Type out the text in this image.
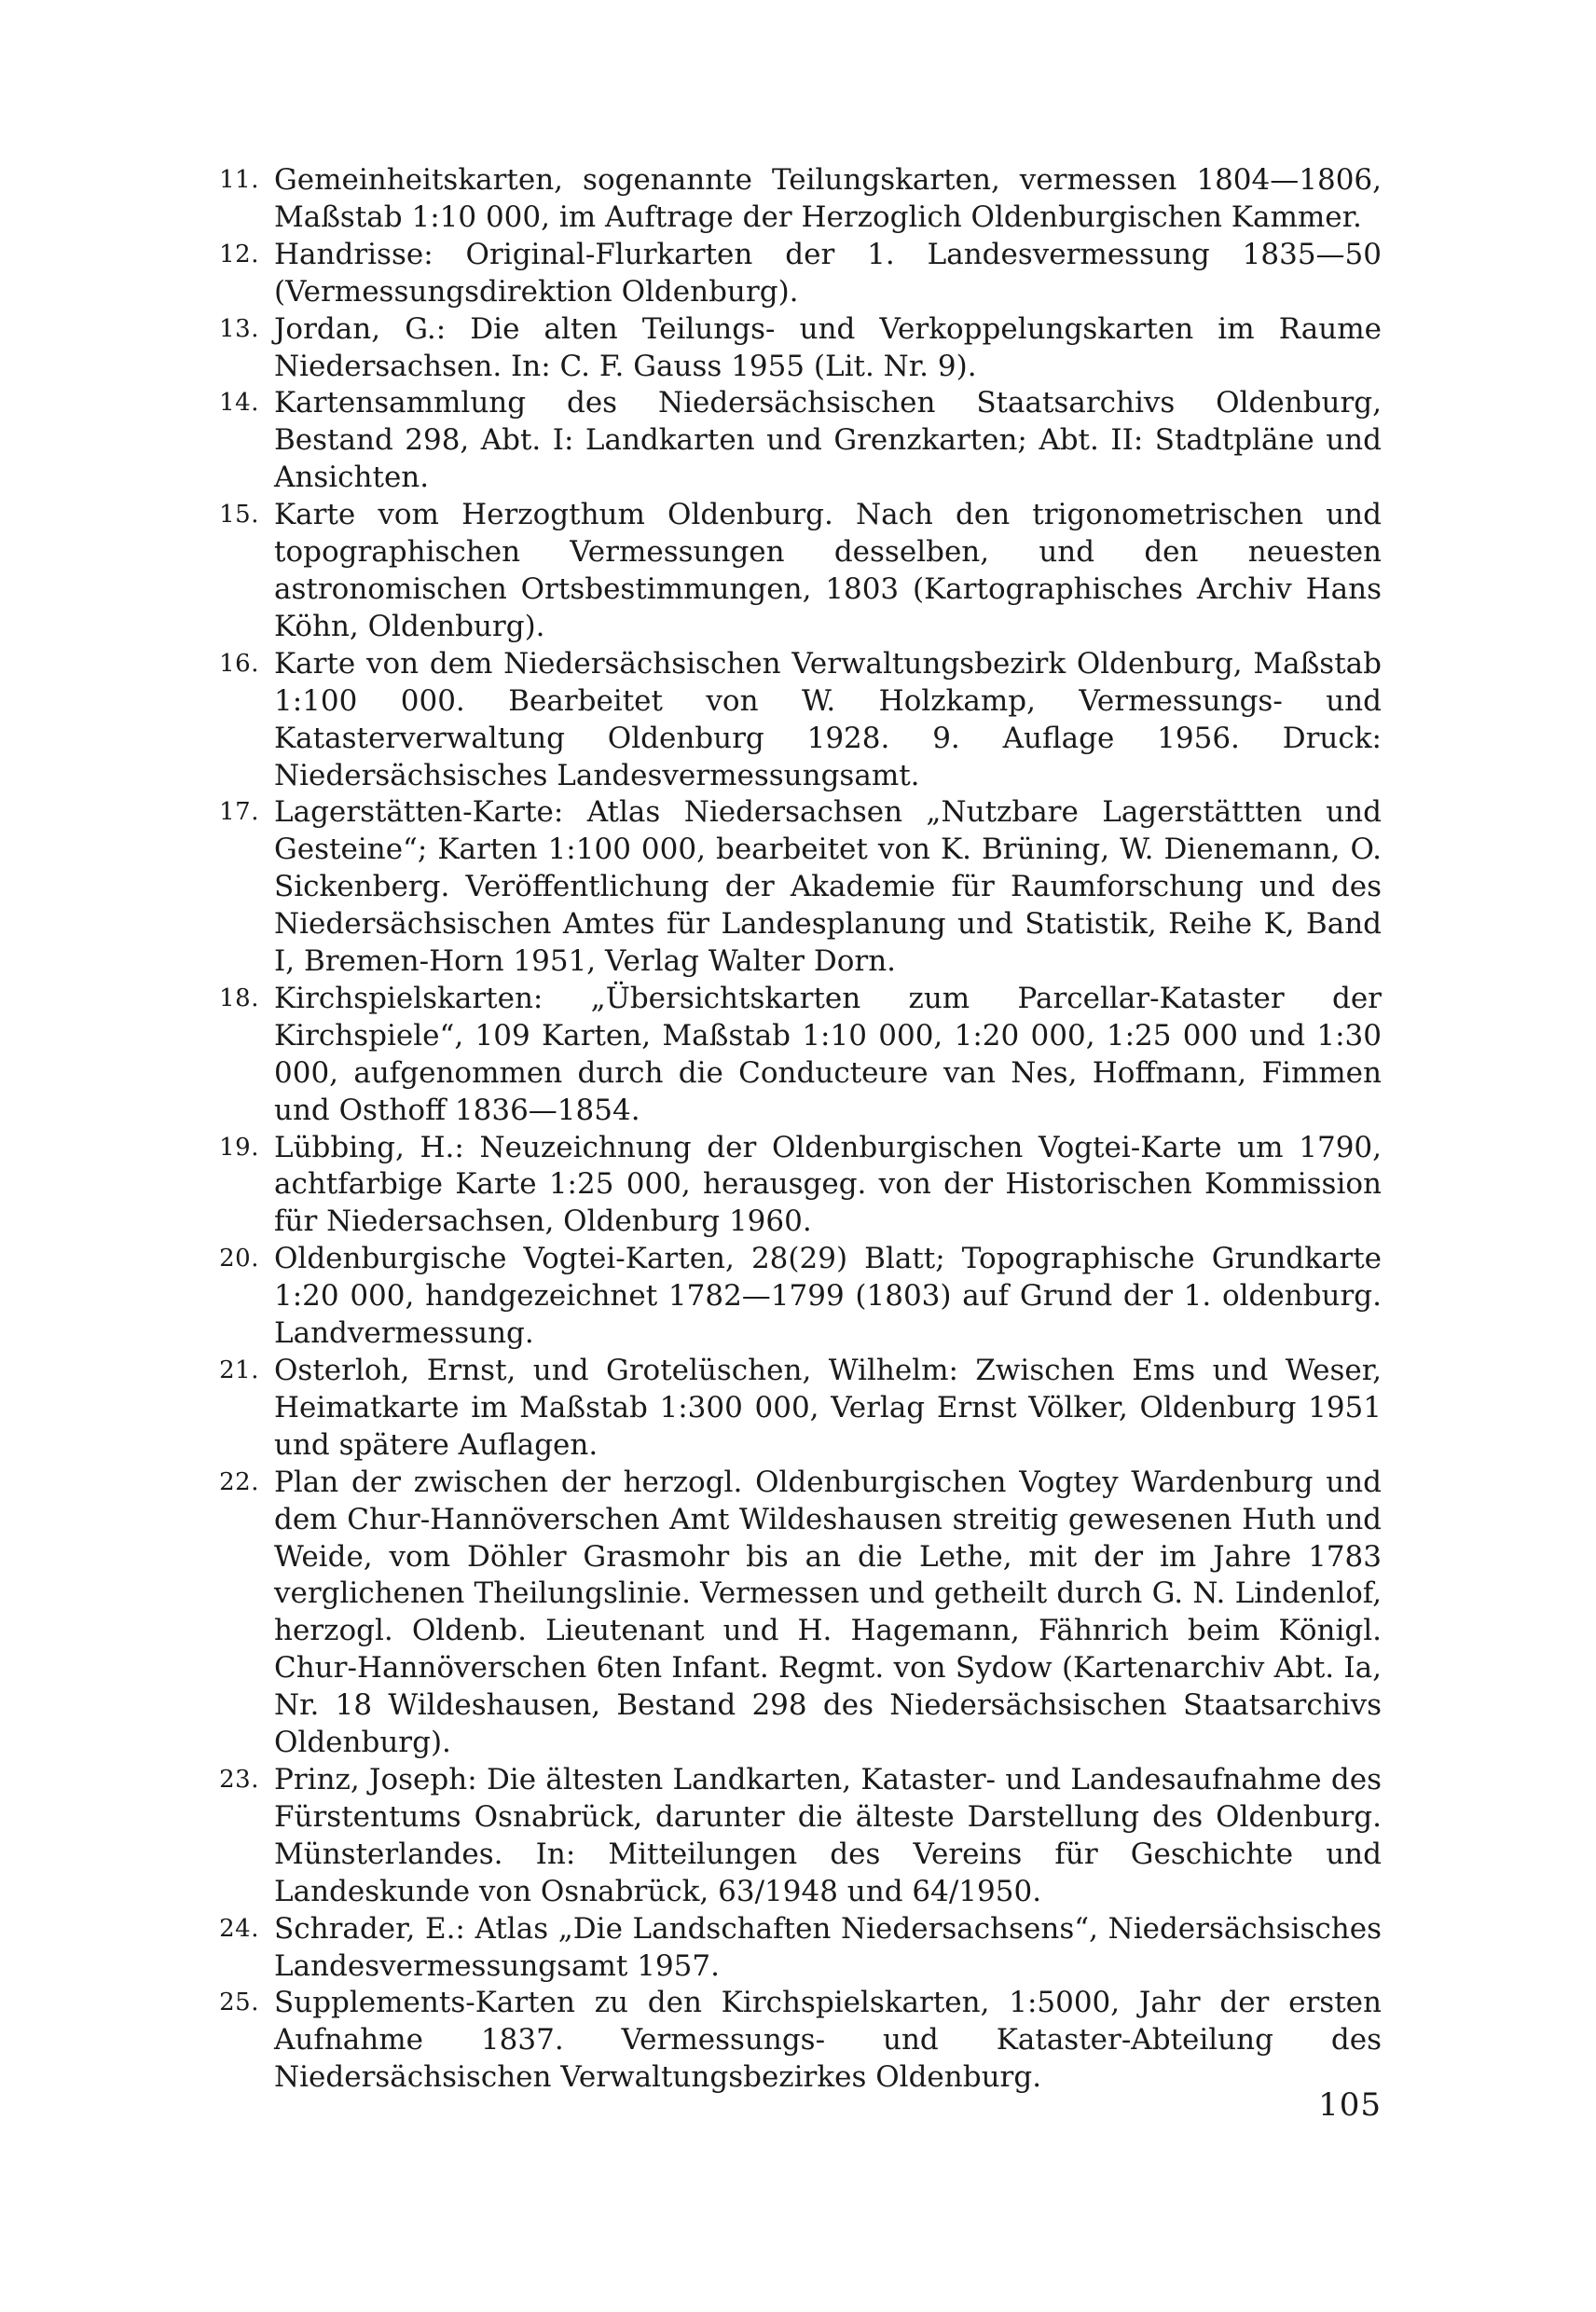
11. Gemeinheitskarten, sogenannte Teilungskarten, vermessen 1804—1806, Maßstab 1:10 000, im Auftrage der Herzoglich Oldenburgischen Kammer.
12. Handrisse: Original-Flurkarten der 1. Landesvermessung 1835—50 (Vermessungsdirektion Oldenburg).
13. Jordan, G.: Die alten Teilungs- und Verkoppelungskarten im Raume Niedersachsen. In: C. F. Gauss 1955 (Lit. Nr. 9).
14. Kartensammlung des Niedersächsischen Staatsarchivs Oldenburg, Bestand 298, Abt. I: Landkarten und Grenzkarten; Abt. II: Stadtpläne und Ansichten.
15. Karte vom Herzogthum Oldenburg. Nach den trigonometrischen und topographischen Vermessungen desselben, und den neuesten astronomischen Ortsbestimmungen, 1803 (Kartographisches Archiv Hans Köhn, Oldenburg).
16. Karte von dem Niedersächsischen Verwaltungsbezirk Oldenburg, Maßstab 1:100 000. Bearbeitet von W. Holzkamp, Vermessungs- und Katasterverwaltung Oldenburg 1928. 9. Auflage 1956. Druck: Niedersächsisches Landesvermessungsamt.
17. Lagerstätten-Karte: Atlas Niedersachsen „Nutzbare Lagerstättten und Gesteine“; Karten 1:100 000, bearbeitet von K. Brüning, W. Dienemann, O. Sickenberg. Veröffentlichung der Akademie für Raumforschung und des Niedersächsischen Amtes für Landesplanung und Statistik, Reihe K, Band I, Bremen-Horn 1951, Verlag Walter Dorn.
18. Kirchspielskarten: „Übersichtskarten zum Parcellar-Kataster der Kirchspiele“, 109 Karten, Maßstab 1:10 000, 1:20 000, 1:25 000 und 1:30 000, aufgenommen durch die Conducteure van Nes, Hoffmann, Fimmen und Osthoff 1836—1854.
19. Lübbing, H.: Neuzeichnung der Oldenburgischen Vogtei-Karte um 1790, achtfarbige Karte 1:25 000, herausgeg. von der Historischen Kommission für Niedersachsen, Oldenburg 1960.
20. Oldenburgische Vogtei-Karten, 28(29) Blatt; Topographische Grundkarte 1:20 000, handgezeichnet 1782—1799 (1803) auf Grund der 1. oldenburg. Landvermessung.
21. Osterloh, Ernst, und Grotelüschen, Wilhelm: Zwischen Ems und Weser, Heimatkarte im Maßstab 1:300 000, Verlag Ernst Völker, Oldenburg 1951 und spätere Auflagen.
22. Plan der zwischen der herzogl. Oldenburgischen Vogtey Wardenburg und dem Chur-Hannöverschen Amt Wildeshausen streitig gewesenen Huth und Weide, vom Döhler Grasmohr bis an die Lethe, mit der im Jahre 1783 verglichenen Theilungslinie. Vermessen und getheilt durch G. N. Lindenlof, herzogl. Oldenb. Lieutenant und H. Hagemann, Fähnrich beim Königl. Chur-Hannöverschen 6ten Infant. Regmt. von Sydow (Kartenarchiv Abt. Ia, Nr. 18 Wildeshausen, Bestand 298 des Niedersächsischen Staatsarchivs Oldenburg).
23. Prinz, Joseph: Die ältesten Landkarten, Kataster- und Landesaufnahme des Fürstentums Osnabrück, darunter die älteste Darstellung des Oldenburg. Münsterlandes. In: Mitteilungen des Vereins für Geschichte und Landeskunde von Osnabrück, 63/1948 und 64/1950.
24. Schrader, E.: Atlas „Die Landschaften Niedersachsens“, Niedersächsisches Landesvermessungsamt 1957.
25. Supplements-Karten zu den Kirchspielskarten, 1:5000, Jahr der ersten Aufnahme 1837. Vermessungs- und Kataster-Abteilung des Niedersächsischen Verwaltungsbezirkes Oldenburg.
105
